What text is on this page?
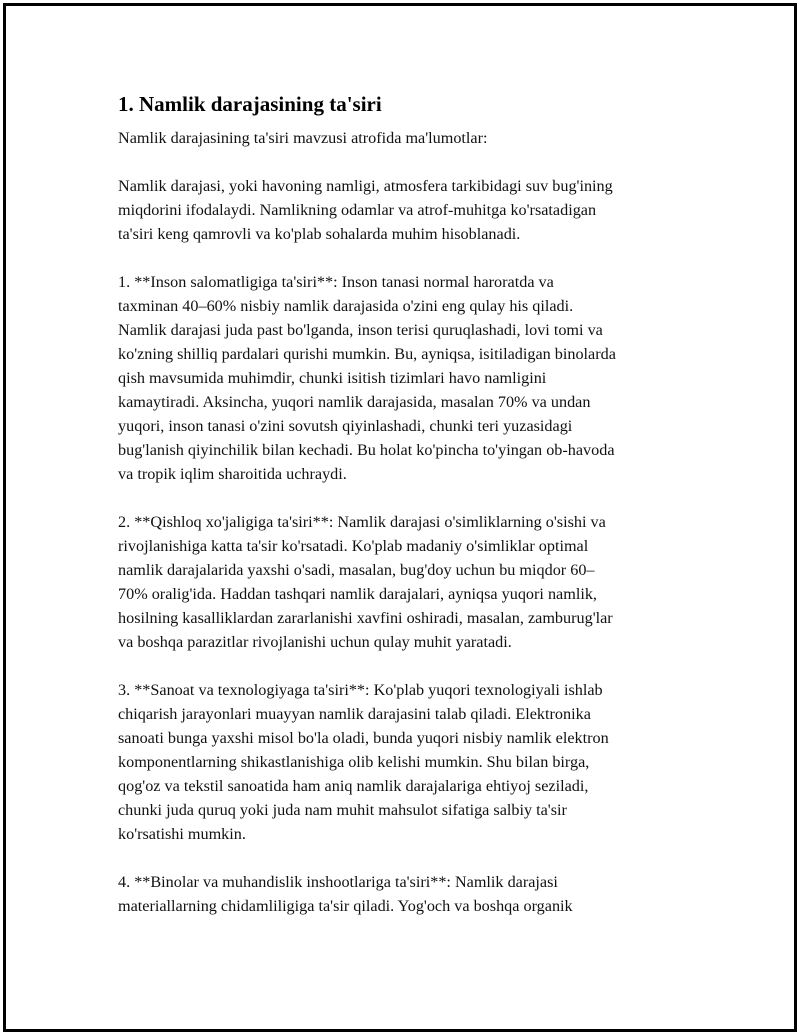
1. Namlik darajasining ta'siri

Namlik darajasining ta'siri mavzusi atrofida ma'lumotlar:

Namlik darajasi, yoki havoning namligi, atmosfera tarkibidagi suv bug'ining
miqdorini ifodalaydi. Namlikning odamlar va atrof-muhitga ko'rsatadigan
ta'siri keng qamrovli va ko'plab sohalarda muhim hisoblanadi.

1. **Inson salomatligiga ta'siri**: Inson tanasi normal haroratda va
taxminan 40–60% nisbiy namlik darajasida o'zini eng qulay his qiladi.
Namlik darajasi juda past bo'lganda, inson terisi quruqlashadi, lovi tomi va
ko'zning shilliq pardalari qurishi mumkin. Bu, ayniqsa, isitiladigan binolarda
qish mavsumida muhimdir, chunki isitish tizimlari havo namligini
kamaytiradi. Aksincha, yuqori namlik darajasida, masalan 70% va undan
yuqori, inson tanasi o'zini sovutsh qiyinlashadi, chunki teri yuzasidagi
bug'lanish qiyinchilik bilan kechadi. Bu holat ko'pincha to'yingan ob-havoda
va tropik iqlim sharoitida uchraydi.

2. **Qishloq xo'jaligiga ta'siri**: Namlik darajasi o'simliklarning o'sishi va
rivojlanishiga katta ta'sir ko'rsatadi. Ko'plab madaniy o'simliklar optimal
namlik darajalarida yaxshi o'sadi, masalan, bug'doy uchun bu miqdor 60–
70% oralig'ida. Haddan tashqari namlik darajalari, ayniqsa yuqori namlik,
hosilning kasalliklardan zararlanishi xavfini oshiradi, masalan, zamburug'lar
va boshqa parazitlar rivojlanishi uchun qulay muhit yaratadi.

3. **Sanoat va texnologiyaga ta'siri**: Ko'plab yuqori texnologiyali ishlab
chiqarish jarayonlari muayyan namlik darajasini talab qiladi. Elektronika
sanoati bunga yaxshi misol bo'la oladi, bunda yuqori nisbiy namlik elektron
komponentlarning shikastlanishiga olib kelishi mumkin. Shu bilan birga,
qog'oz va tekstil sanoatida ham aniq namlik darajalariga ehtiyoj seziladi,
chunki juda quruq yoki juda nam muhit mahsulot sifatiga salbiy ta'sir
ko'rsatishi mumkin.

4. **Binolar va muhandislik inshootlariga ta'siri**: Namlik darajasi
materiallarning chidamliligiga ta'sir qiladi. Yog'och va boshqa organik
